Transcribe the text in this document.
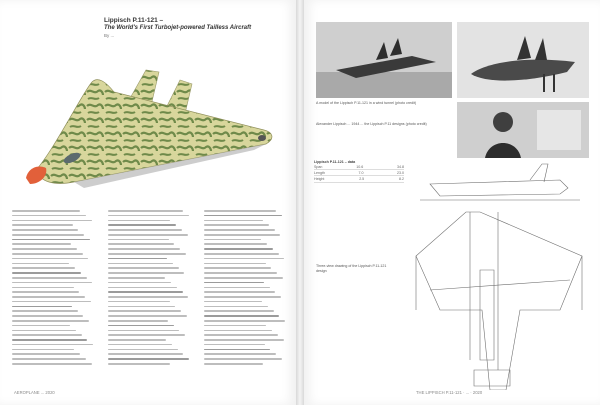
Lippisch P.11-121 –
The World's First Turbojet-powered Tailless Aircraft
By ...
AEROPLANE ... 2020
A model of the Lippisch P.11-121 in a wind tunnel (photo credit)
Alexander Lippisch ... 1944 ... the Lippisch P.11 designs (photo credit)
Lippisch P.11-121 – data
Span	10.6	34.8
Length	7.0	23.0
Height	2.5	8.2
Three-view drawing of the Lippisch P.11-121 design
THE LIPPISCH P.11-121 · ... · 2020
